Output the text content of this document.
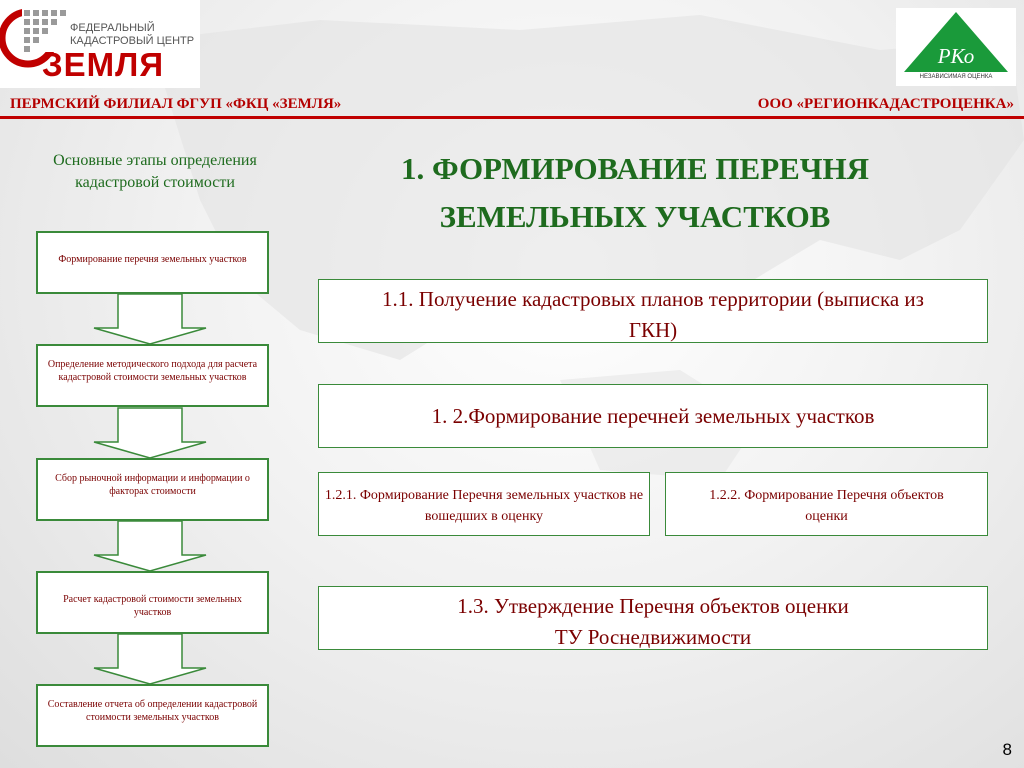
ФЕДЕРАЛЬНЫЙ
КАДАСТРОВЫЙ ЦЕНТР
ЗЕМЛЯ	РКо
НЕЗАВИСИМАЯ ОЦЕНКА
ПЕРМСКИЙ ФИЛИАЛ ФГУП «ФКЦ «ЗЕМЛЯ»	ООО «РЕГИОНКАДАСТРОЦЕНКА»
Основные этапы определения кадастровой стоимости	1. ФОРМИРОВАНИЕ ПЕРЕЧНЯ ЗЕМЕЛЬНЫХ УЧАСТКОВ
Формирование перечня земельных участков
Определение методического подхода для расчета кадастровой стоимости земельных участков
Сбор рыночной информации и информации о факторах стоимости
Расчет кадастровой стоимости земельных участков
Составление отчета об определении кадастровой стоимости земельных участков
1.1. Получение кадастровых планов территории (выписка из ГКН)
1. 2.Формирование перечней земельных участков
1.2.1. Формирование Перечня земельных участков не вошедших в оценку
1.2.2. Формирование Перечня объектов оценки
1.3. Утверждение Перечня объектов оценки
ТУ Роснедвижимости
8
